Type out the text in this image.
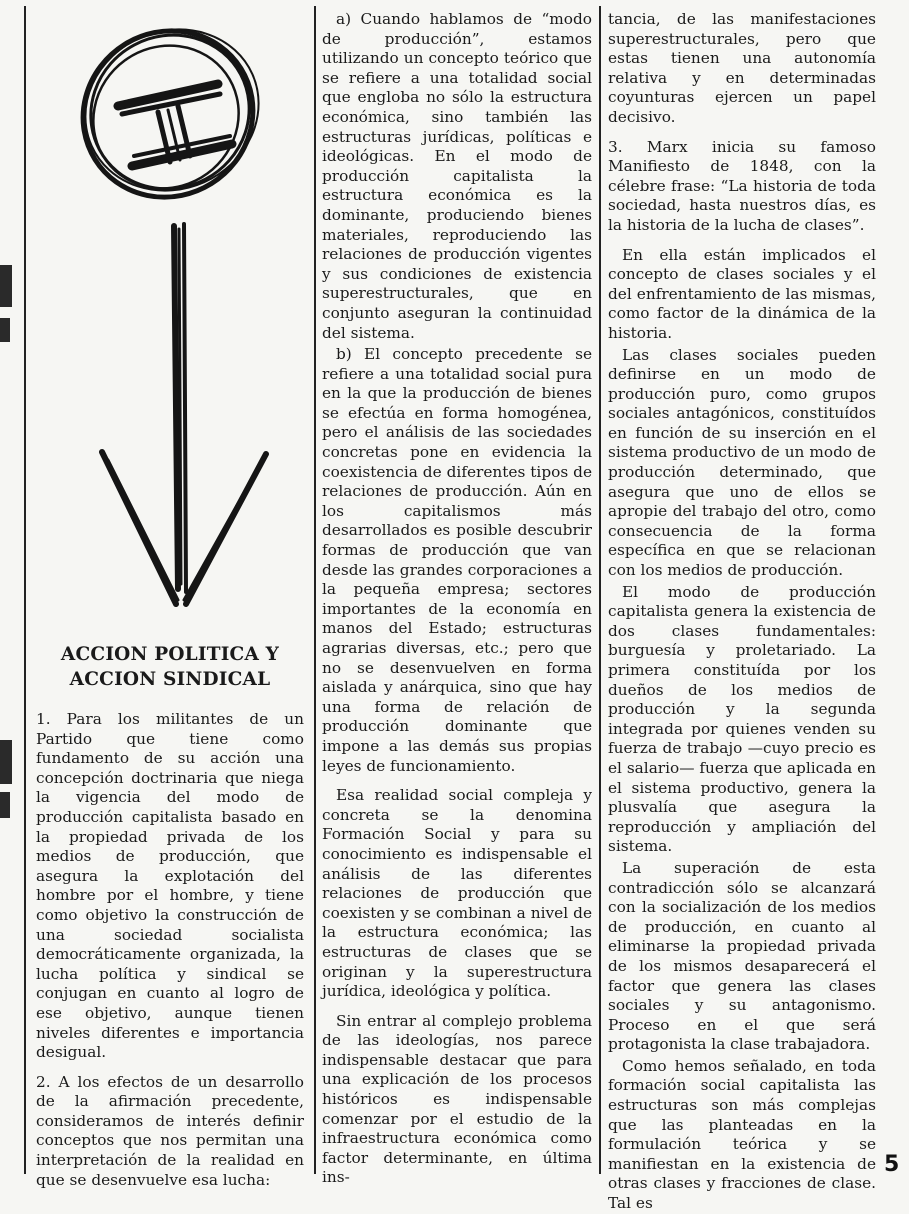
ACCION POLITICA Y
ACCION SINDICAL

1. Para los militantes de un Partido que tiene como fundamento de su acción una concepción doctrinaria que niega la vigencia del modo de producción capitalista basado en la propiedad privada de los medios de producción, que asegura la explotación del hombre por el hombre, y tiene como objetivo la construcción de una sociedad socialista democráticamente organizada, la lucha política y sindical se conjugan en cuanto al logro de ese objetivo, aunque tienen niveles diferentes e importancia desigual.

2. A los efectos de un desarrollo de la afirmación precedente, consideramos de interés definir conceptos que nos permitan una interpretación de la realidad en que se desenvuelve esa lucha:

a) Cuando hablamos de “modo de producción”, estamos utilizando un concepto teórico que se refiere a una totalidad social que engloba no sólo la estructura económica, sino también las estructuras jurídicas, políticas e ideológicas. En el modo de producción capitalista la estructura económica es la dominante, produciendo bienes materiales, reproduciendo las relaciones de producción vigentes y sus condiciones de existencia superestructurales, que en conjunto aseguran la continuidad del sistema.

b) El concepto precedente se refiere a una totalidad social pura en la que la producción de bienes se efectúa en forma homogénea, pero el análisis de las sociedades concretas pone en evidencia la coexistencia de diferentes tipos de relaciones de producción. Aún en los capitalismos más desarrollados es posible descubrir formas de producción que van desde las grandes corporaciones a la pequeña empresa; sectores importantes de la economía en manos del Estado; estructuras agrarias diversas, etc.; pero que no se desenvuelven en forma aislada y anárquica, sino que hay una forma de relación de producción dominante que impone a las demás sus propias leyes de funcionamiento.

Esa realidad social compleja y concreta se la denomina Formación Social y para su conocimiento es indispensable el análisis de las diferentes relaciones de producción que coexisten y se combinan a nivel de la estructura económica; las estructuras de clases que se originan y la superestructura jurídica, ideológica y política.

Sin entrar al complejo problema de las ideologías, nos parece indispensable destacar que para una explicación de los procesos históricos es indispensable comenzar por el estudio de la infraestructura económica como factor determinante, en última ins-

tancia, de las manifestaciones superestructurales, pero que estas tienen una autonomía relativa y en determinadas coyunturas ejercen un papel decisivo.

3. Marx inicia su famoso Manifiesto de 1848, con la célebre frase: “La historia de toda sociedad, hasta nuestros días, es la historia de la lucha de clases”.

En ella están implicados el concepto de clases sociales y el del enfrentamiento de las mismas, como factor de la dinámica de la historia.

Las clases sociales pueden definirse en un modo de producción puro, como grupos sociales antagónicos, constituídos en función de su inserción en el sistema productivo de un modo de producción determinado, que asegura que uno de ellos se apropie del trabajo del otro, como consecuencia de la forma específica en que se relacionan con los medios de producción.

El modo de producción capitalista genera la existencia de dos clases fundamentales: burguesía y proletariado. La primera constituída por los dueños de los medios de producción y la segunda integrada por quienes venden su fuerza de trabajo —cuyo precio es el salario— fuerza que aplicada en el sistema productivo, genera la plusvalía que asegura la reproducción y ampliación del sistema.

La superación de esta contradicción sólo se alcanzará con la socialización de los medios de producción, en cuanto al eliminarse la propiedad privada de los mismos desaparecerá el factor que genera las clases sociales y su antagonismo. Proceso en el que será protagonista la clase trabajadora.

Como hemos señalado, en toda formación social capitalista las estructuras son más complejas que las planteadas en la formulación teórica y se manifiestan en la existencia de otras clases y fracciones de clase. Tal es

5
